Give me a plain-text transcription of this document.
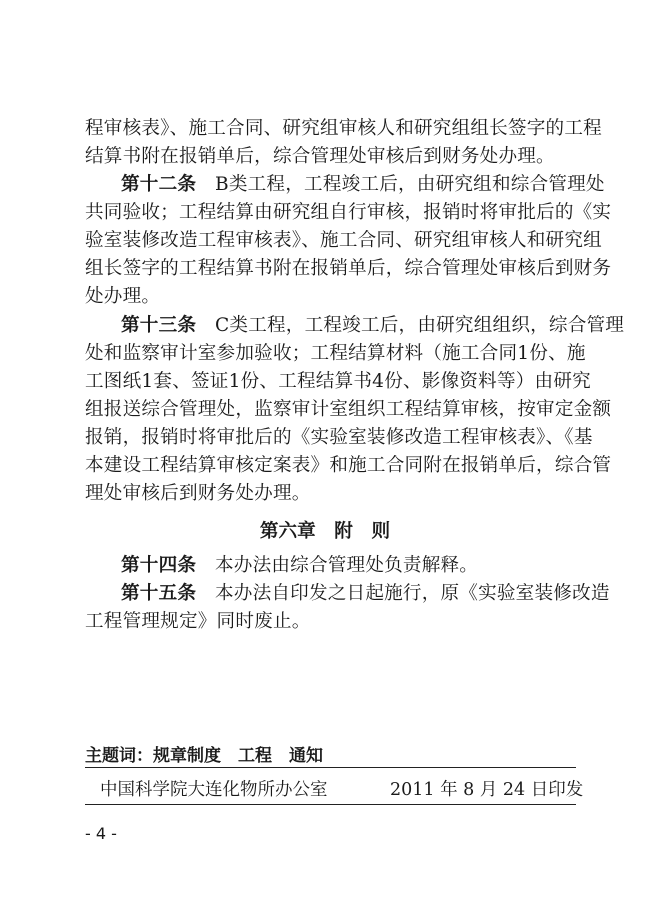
程审核表》、施工合同、研究组审核人和研究组组长签字的工程
结算书附在报销单后，综合管理处审核后到财务处办理。
第十二条　 B类工程，工程竣工后，由研究组和综合管理处
共同验收；工程结算由研究组自行审核，报销时将审批后的《实
验室装修改造工程审核表》、施工合同、研究组审核人和研究组
组长签字的工程结算书附在报销单后，综合管理处审核后到财务
处办理。
第十三条　 C类工程，工程竣工后，由研究组组织，综合管理
处和监察审计室参加验收；工程结算材料（施工合同1份、施
工图纸1套、签证1份、工程结算书4份、影像资料等）由研究
组报送综合管理处，监察审计室组织工程结算审核，按审定金额
报销，报销时将审批后的《实验室装修改造工程审核表》、《基
本建设工程结算审核定案表》和施工合同附在报销单后，综合管
理处审核后到财务处办理。
第六章　附　则
第十四条　 本办法由综合管理处负责解释。
第十五条　 本办法自印发之日起施行，原《实验室装修改造
工程管理规定》同时废止。
主题词：规章制度　工程　通知
中国科学院大连化物所办公室	2011 年 8 月 24 日印发
- 4 -
